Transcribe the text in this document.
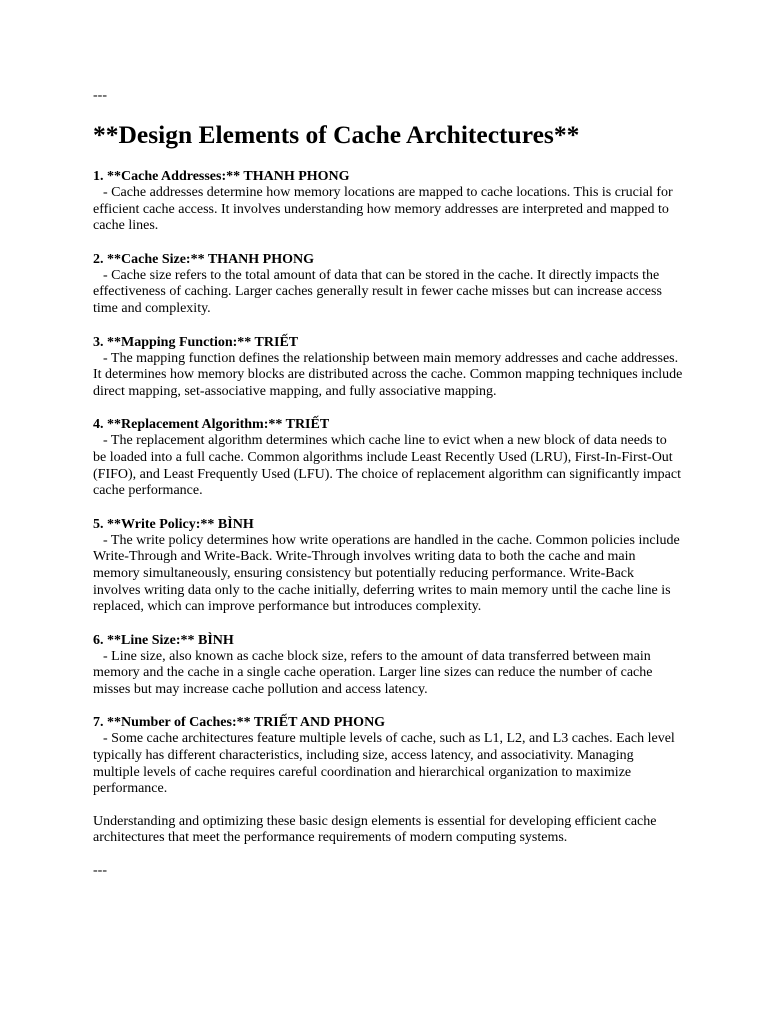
---

**Design Elements of Cache Architectures**

1. **Cache Addresses:** THANH PHONG

- Cache addresses determine how memory locations are mapped to cache locations. This is crucial for efficient cache access. It involves understanding how memory addresses are interpreted and mapped to cache lines.

2. **Cache Size:** THANH PHONG

- Cache size refers to the total amount of data that can be stored in the cache. It directly impacts the effectiveness of caching. Larger caches generally result in fewer cache misses but can increase access time and complexity.

3. **Mapping Function:** TRIẾT

- The mapping function defines the relationship between main memory addresses and cache addresses. It determines how memory blocks are distributed across the cache. Common mapping techniques include direct mapping, set-associative mapping, and fully associative mapping.

4. **Replacement Algorithm:** TRIẾT

- The replacement algorithm determines which cache line to evict when a new block of data needs to be loaded into a full cache. Common algorithms include Least Recently Used (LRU), First-In-First-Out (FIFO), and Least Frequently Used (LFU). The choice of replacement algorithm can significantly impact cache performance.

5. **Write Policy:** BÌNH

- The write policy determines how write operations are handled in the cache. Common policies include Write-Through and Write-Back. Write-Through involves writing data to both the cache and main memory simultaneously, ensuring consistency but potentially reducing performance. Write-Back involves writing data only to the cache initially, deferring writes to main memory until the cache line is replaced, which can improve performance but introduces complexity.

6. **Line Size:** BÌNH

- Line size, also known as cache block size, refers to the amount of data transferred between main memory and the cache in a single cache operation. Larger line sizes can reduce the number of cache misses but may increase cache pollution and access latency.

7. **Number of Caches:** TRIẾT AND PHONG

- Some cache architectures feature multiple levels of cache, such as L1, L2, and L3 caches. Each level typically has different characteristics, including size, access latency, and associativity. Managing multiple levels of cache requires careful coordination and hierarchical organization to maximize performance.

Understanding and optimizing these basic design elements is essential for developing efficient cache architectures that meet the performance requirements of modern computing systems.

---
